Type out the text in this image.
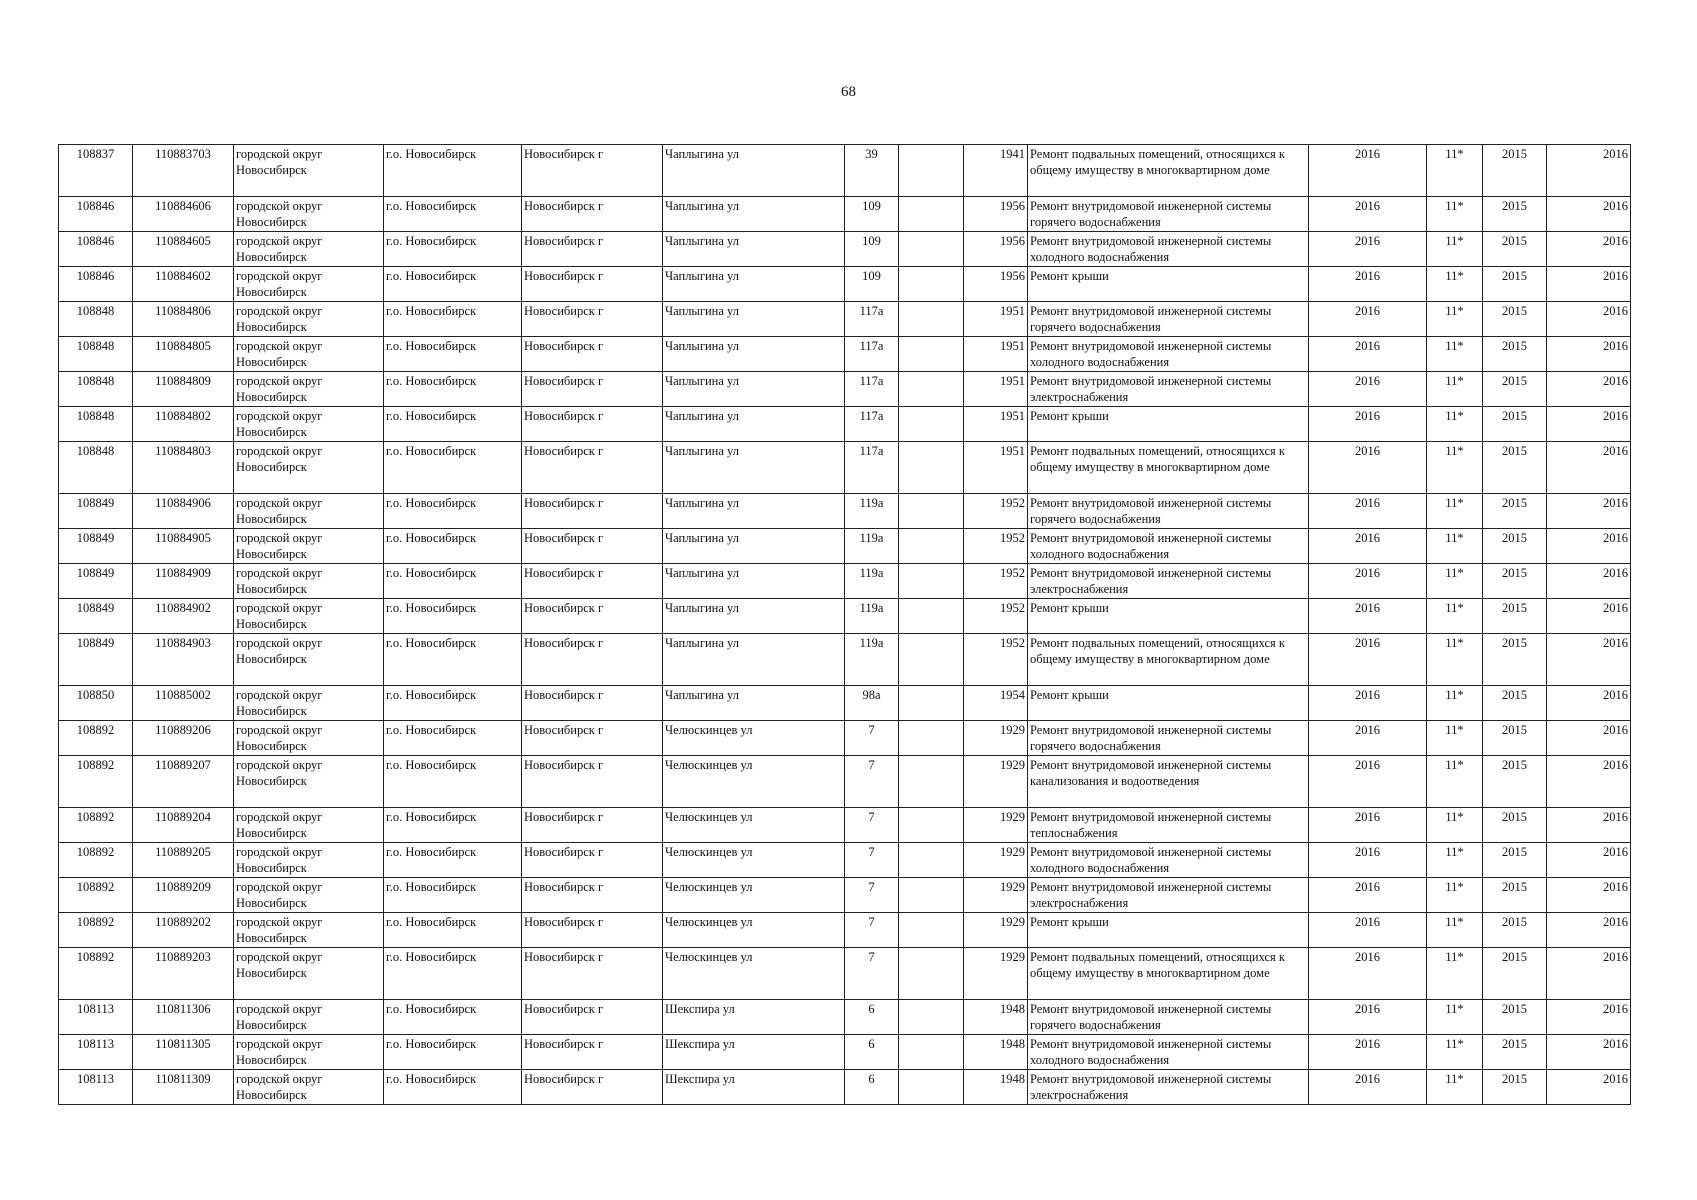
68
108837	110883703	городской округ Новосибирск	г.о. Новосибирск	Новосибирск г	Чаплыгина ул	39		1941	Ремонт подвальных помещений, относящихся к общему имуществу в многоквартирном доме	2016	11*	2015	2016
108846	110884606	городской округ Новосибирск	г.о. Новосибирск	Новосибирск г	Чаплыгина ул	109		1956	Ремонт внутридомовой инженерной системы горячего водоснабжения	2016	11*	2015	2016
108846	110884605	городской округ Новосибирск	г.о. Новосибирск	Новосибирск г	Чаплыгина ул	109		1956	Ремонт внутридомовой инженерной системы холодного водоснабжения	2016	11*	2015	2016
108846	110884602	городской округ Новосибирск	г.о. Новосибирск	Новосибирск г	Чаплыгина ул	109		1956	Ремонт крыши	2016	11*	2015	2016
108848	110884806	городской округ Новосибирск	г.о. Новосибирск	Новосибирск г	Чаплыгина ул	117а		1951	Ремонт внутридомовой инженерной системы горячего водоснабжения	2016	11*	2015	2016
108848	110884805	городской округ Новосибирск	г.о. Новосибирск	Новосибирск г	Чаплыгина ул	117а		1951	Ремонт внутридомовой инженерной системы холодного водоснабжения	2016	11*	2015	2016
108848	110884809	городской округ Новосибирск	г.о. Новосибирск	Новосибирск г	Чаплыгина ул	117а		1951	Ремонт внутридомовой инженерной системы электроснабжения	2016	11*	2015	2016
108848	110884802	городской округ Новосибирск	г.о. Новосибирск	Новосибирск г	Чаплыгина ул	117а		1951	Ремонт крыши	2016	11*	2015	2016
108848	110884803	городской округ Новосибирск	г.о. Новосибирск	Новосибирск г	Чаплыгина ул	117а		1951	Ремонт подвальных помещений, относящихся к общему имуществу в многоквартирном доме	2016	11*	2015	2016
108849	110884906	городской округ Новосибирск	г.о. Новосибирск	Новосибирск г	Чаплыгина ул	119а		1952	Ремонт внутридомовой инженерной системы горячего водоснабжения	2016	11*	2015	2016
108849	110884905	городской округ Новосибирск	г.о. Новосибирск	Новосибирск г	Чаплыгина ул	119а		1952	Ремонт внутридомовой инженерной системы холодного водоснабжения	2016	11*	2015	2016
108849	110884909	городской округ Новосибирск	г.о. Новосибирск	Новосибирск г	Чаплыгина ул	119а		1952	Ремонт внутридомовой инженерной системы электроснабжения	2016	11*	2015	2016
108849	110884902	городской округ Новосибирск	г.о. Новосибирск	Новосибирск г	Чаплыгина ул	119а		1952	Ремонт крыши	2016	11*	2015	2016
108849	110884903	городской округ Новосибирск	г.о. Новосибирск	Новосибирск г	Чаплыгина ул	119а		1952	Ремонт подвальных помещений, относящихся к общему имуществу в многоквартирном доме	2016	11*	2015	2016
108850	110885002	городской округ Новосибирск	г.о. Новосибирск	Новосибирск г	Чаплыгина ул	98а		1954	Ремонт крыши	2016	11*	2015	2016
108892	110889206	городской округ Новосибирск	г.о. Новосибирск	Новосибирск г	Челюскинцев ул	7		1929	Ремонт внутридомовой инженерной системы горячего водоснабжения	2016	11*	2015	2016
108892	110889207	городской округ Новосибирск	г.о. Новосибирск	Новосибирск г	Челюскинцев ул	7		1929	Ремонт внутридомовой инженерной системы канализования и водоотведения	2016	11*	2015	2016
108892	110889204	городской округ Новосибирск	г.о. Новосибирск	Новосибирск г	Челюскинцев ул	7		1929	Ремонт внутридомовой инженерной системы теплоснабжения	2016	11*	2015	2016
108892	110889205	городской округ Новосибирск	г.о. Новосибирск	Новосибирск г	Челюскинцев ул	7		1929	Ремонт внутридомовой инженерной системы холодного водоснабжения	2016	11*	2015	2016
108892	110889209	городской округ Новосибирск	г.о. Новосибирск	Новосибирск г	Челюскинцев ул	7		1929	Ремонт внутридомовой инженерной системы электроснабжения	2016	11*	2015	2016
108892	110889202	городской округ Новосибирск	г.о. Новосибирск	Новосибирск г	Челюскинцев ул	7		1929	Ремонт крыши	2016	11*	2015	2016
108892	110889203	городской округ Новосибирск	г.о. Новосибирск	Новосибирск г	Челюскинцев ул	7		1929	Ремонт подвальных помещений, относящихся к общему имуществу в многоквартирном доме	2016	11*	2015	2016
108113	110811306	городской округ Новосибирск	г.о. Новосибирск	Новосибирск г	Шекспира ул	6		1948	Ремонт внутридомовой инженерной системы горячего водоснабжения	2016	11*	2015	2016
108113	110811305	городской округ Новосибирск	г.о. Новосибирск	Новосибирск г	Шекспира ул	6		1948	Ремонт внутридомовой инженерной системы холодного водоснабжения	2016	11*	2015	2016
108113	110811309	городской округ Новосибирск	г.о. Новосибирск	Новосибирск г	Шекспира ул	6		1948	Ремонт внутридомовой инженерной системы электроснабжения	2016	11*	2015	2016
